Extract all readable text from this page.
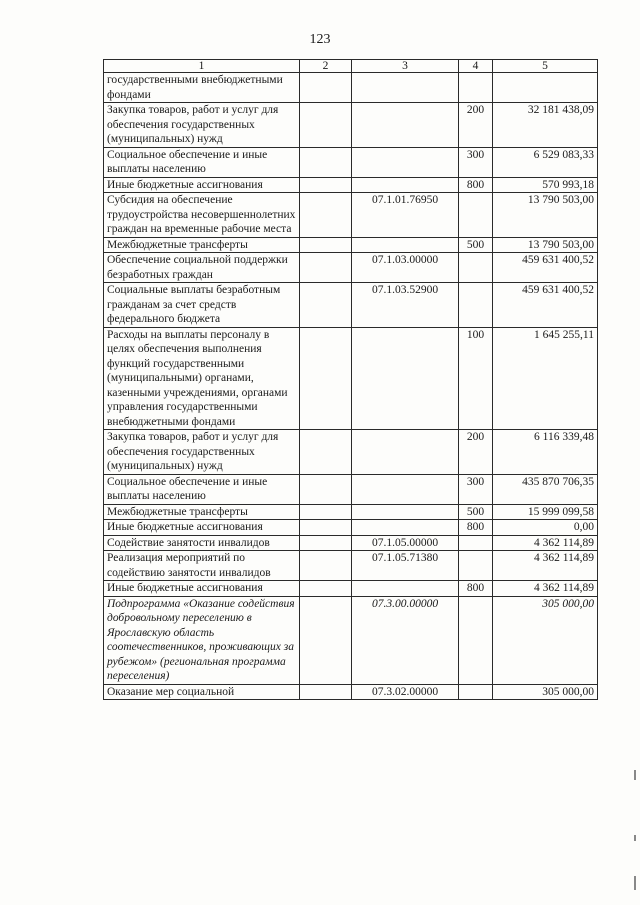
123
1	2	3	4	5
государственными внебюджетными фондами				
Закупка товаров, работ и услуг для обеспечения государственных (муниципальных) нужд			200	32 181 438,09
Социальное обеспечение и иные выплаты населению			300	6 529 083,33
Иные бюджетные ассигнования			800	570 993,18
Субсидия на обеспечение трудоустройства несовершеннолетних граждан на временные рабочие места		07.1.01.76950		13 790 503,00
Межбюджетные трансферты			500	13 790 503,00
Обеспечение социальной поддержки безработных граждан		07.1.03.00000		459 631 400,52
Социальные выплаты безработным гражданам за счет средств федерального бюджета		07.1.03.52900		459 631 400,52
Расходы на выплаты персоналу в целях обеспечения выполнения функций государственными (муниципальными) органами, казенными учреждениями, органами управления государственными внебюджетными фондами			100	1 645 255,11
Закупка товаров, работ и услуг для обеспечения государственных (муниципальных) нужд			200	6 116 339,48
Социальное обеспечение и иные выплаты населению			300	435 870 706,35
Межбюджетные трансферты			500	15 999 099,58
Иные бюджетные ассигнования			800	0,00
Содействие занятости инвалидов		07.1.05.00000		4 362 114,89
Реализация мероприятий по содействию занятости инвалидов		07.1.05.71380		4 362 114,89
Иные бюджетные ассигнования			800	4 362 114,89
Подпрограмма «Оказание содействия добровольному переселению в Ярославскую область соотечественников, проживающих за рубежом» (региональная программа переселения)		07.3.00.00000		305 000,00
Оказание мер социальной		07.3.02.00000		305 000,00
